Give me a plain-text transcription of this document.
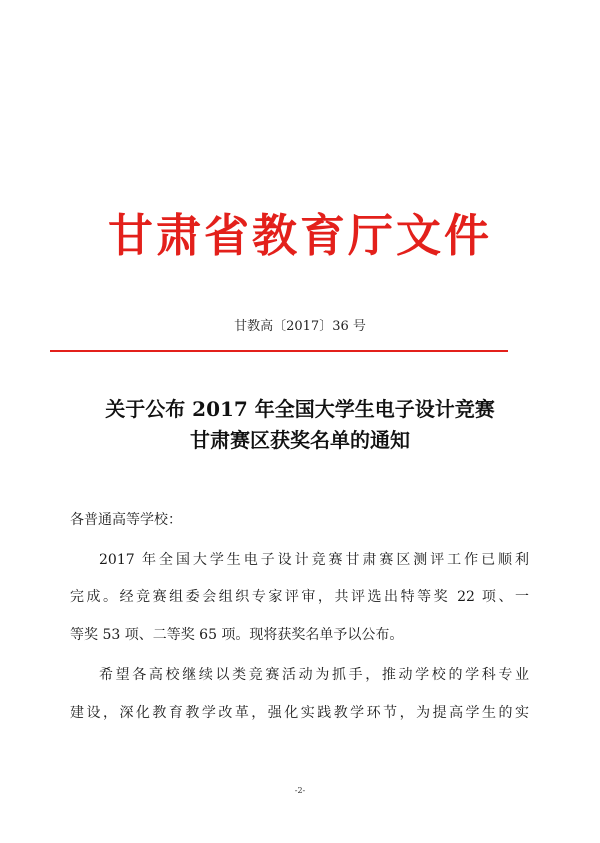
甘肃省教育厅文件
甘教高〔2017〕36 号
关于公布 2017 年全国大学生电子设计竞赛
甘肃赛区获奖名单的通知
各普通高等学校：
2017 年全国大学生电子设计竞赛甘肃赛区测评工作已顺利
完成。经竞赛组委会组织专家评审，共评选出特等奖 22 项、一
等奖 53 项、二等奖 65 项。现将获奖名单予以公布。
希望各高校继续以类竞赛活动为抓手，推动学校的学科专业
建设，深化教育教学改革，强化实践教学环节，为提高学生的实
-2-
